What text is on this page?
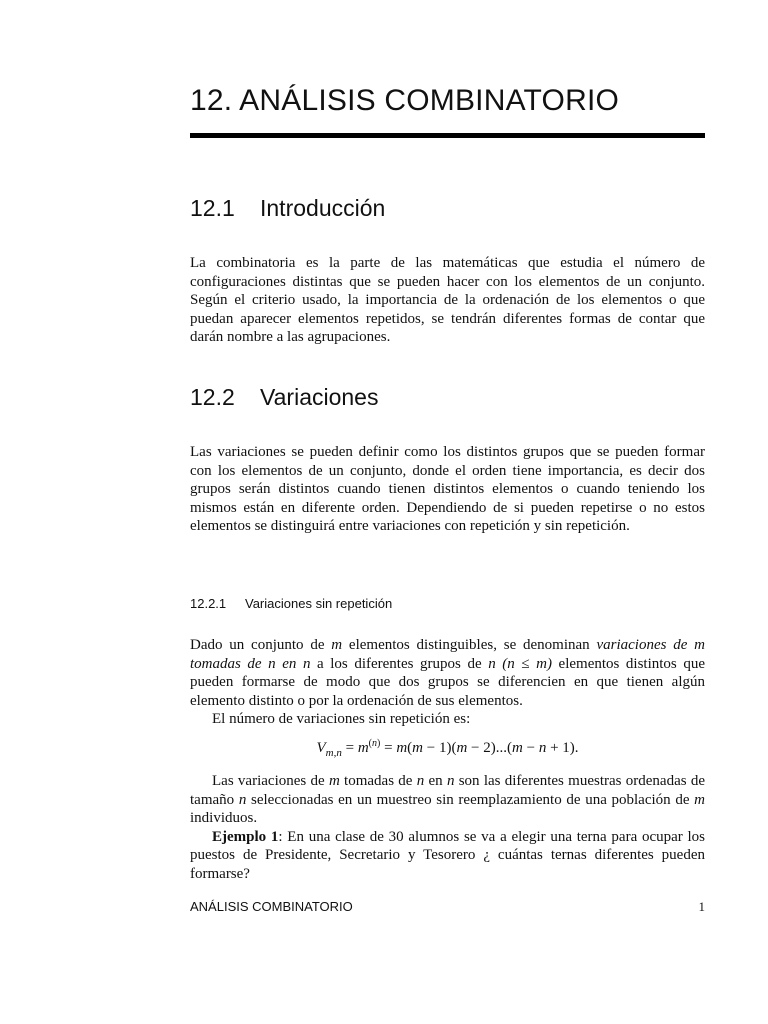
12. ANÁLISIS COMBINATORIO
12.1 Introducción

La combinatoria es la parte de las matemáticas que estudia el número de configuraciones distintas que se pueden hacer con los elementos de un conjunto. Según el criterio usado, la importancia de la ordenación de los elementos o que puedan aparecer elementos repetidos, se tendrán diferentes formas de contar que darán nombre a las agrupaciones.

12.2 Variaciones

Las variaciones se pueden definir como los distintos grupos que se pueden formar con los elementos de un conjunto, donde el orden tiene importancia, es decir dos grupos serán distintos cuando tienen distintos elementos o cuando teniendo los mismos están en diferente orden. Dependiendo de si pueden repetirse o no estos elementos se distinguirá entre variaciones con repetición y sin repetición.

12.2.1 Variaciones sin repetición

Dado un conjunto de m elementos distinguibles, se denominan variaciones de m tomadas de n en n a los diferentes grupos de n (n ≤ m) elementos distintos que pueden formarse de modo que dos grupos se diferencien en que tienen algún elemento distinto o por la ordenación de sus elementos.
El número de variaciones sin repetición es:

$V_{m,n} = m^{(n)} = m(m - 1)(m - 2)...(m - n + 1)$.

Las variaciones de m tomadas de n en n son las diferentes muestras ordenadas de tamaño n seleccionadas en un muestreo sin reemplazamiento de una población de m individuos.
Ejemplo 1: En una clase de 30 alumnos se va a elegir una terna para ocupar los puestos de Presidente, Secretario y Tesorero ¿ cuántas ternas diferentes pueden formarse?

ANÁLISIS COMBINATORIO	1
